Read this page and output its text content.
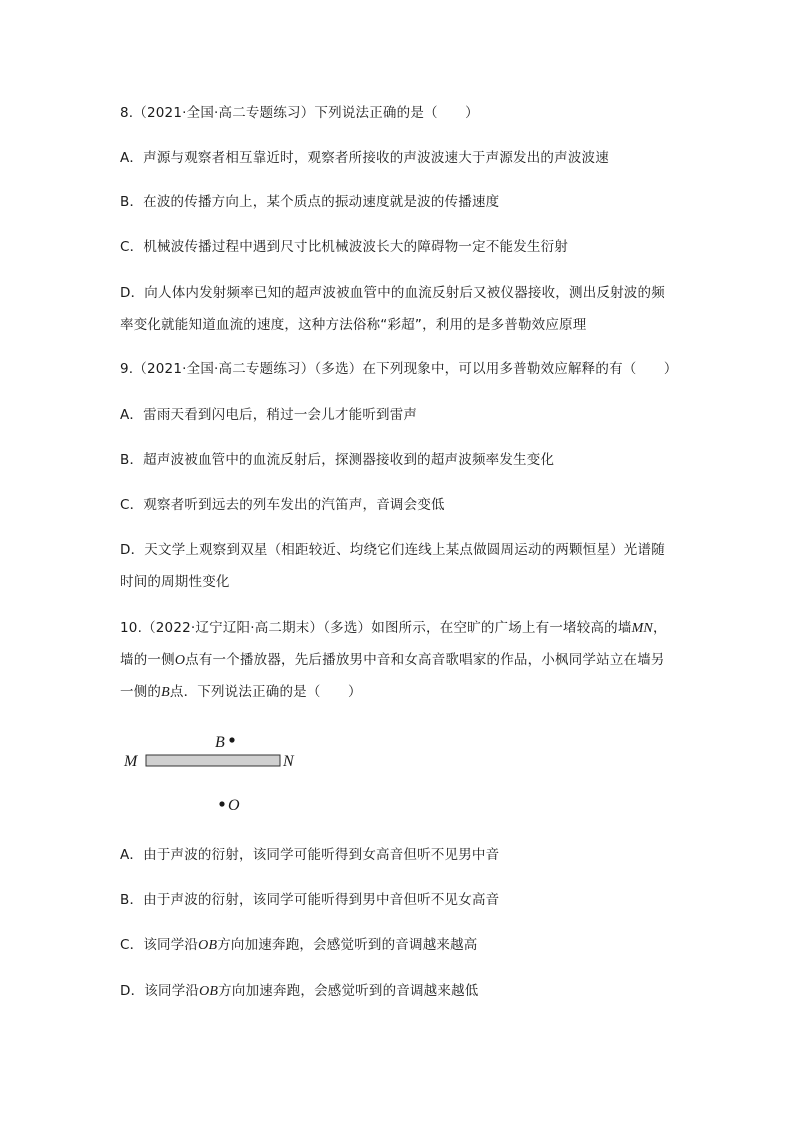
8.（2021·全国·高二专题练习）下列说法正确的是（　　）
A．声源与观察者相互靠近时，观察者所接收的声波波速大于声源发出的声波波速
B．在波的传播方向上，某个质点的振动速度就是波的传播速度
C．机械波传播过程中遇到尺寸比机械波波长大的障碍物一定不能发生衍射
D．向人体内发射频率已知的超声波被血管中的血流反射后又被仪器接收，测出反射波的频
率变化就能知道血流的速度，这种方法俗称“彩超”，利用的是多普勒效应原理
9.（2021·全国·高二专题练习）（多选）在下列现象中，可以用多普勒效应解释的有（　　）
A．雷雨天看到闪电后，稍过一会儿才能听到雷声
B．超声波被血管中的血流反射后，探测器接收到的超声波频率发生变化
C．观察者听到远去的列车发出的汽笛声，音调会变低
D．天文学上观察到双星（相距较近、均绕它们连线上某点做圆周运动的两颗恒星）光谱随
时间的周期性变化
10.（2022·辽宁辽阳·高二期末）（多选）如图所示，在空旷的广场上有一堵较高的墙MN，
墙的一侧O点有一个播放器，先后播放男中音和女高音歌唱家的作品，小枫同学站立在墙另
一侧的B点．下列说法正确的是（　　）
M	N
B
O
A．由于声波的衍射，该同学可能听得到女高音但听不见男中音
B．由于声波的衍射，该同学可能听得到男中音但听不见女高音
C．该同学沿OB方向加速奔跑，会感觉听到的音调越来越高
D．该同学沿OB方向加速奔跑，会感觉听到的音调越来越低
